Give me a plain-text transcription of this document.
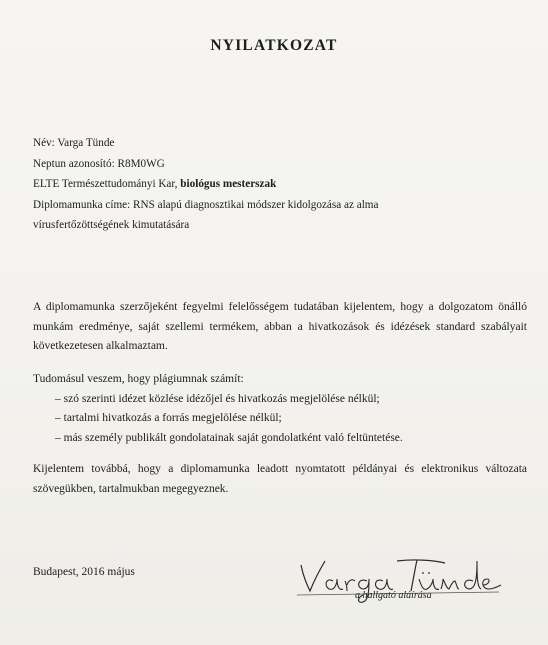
NYILATKOZAT
Név: Varga Tünde
Neptun azonosító: R8M0WG
ELTE Természettudományi Kar, biológus mesterszak
Diplomamunka címe: RNS alapú diagnosztikai módszer kidolgozása az alma
vírusfertőzöttségének kimutatására
A diplomamunka szerzőjeként fegyelmi felelősségem tudatában kijelentem, hogy a dolgozatom önálló munkám eredménye, saját szellemi termékem, abban a hivatkozások és idézések standard szabályait következetesen alkalmaztam.
Tudomásul veszem, hogy plágiumnak számít:
– szó szerinti idézet közlése idézőjel és hivatkozás megjelölése nélkül;
– tartalmi hivatkozás a forrás megjelölése nélkül;
– más személy publikált gondolatainak saját gondolatként való feltüntetése.
Kijelentem továbbá, hogy a diplomamunka leadott nyomtatott példányai és elektronikus változata szövegükben, tartalmukban megegyeznek.
Budapest, 2016 május
a hallgató aláírása
